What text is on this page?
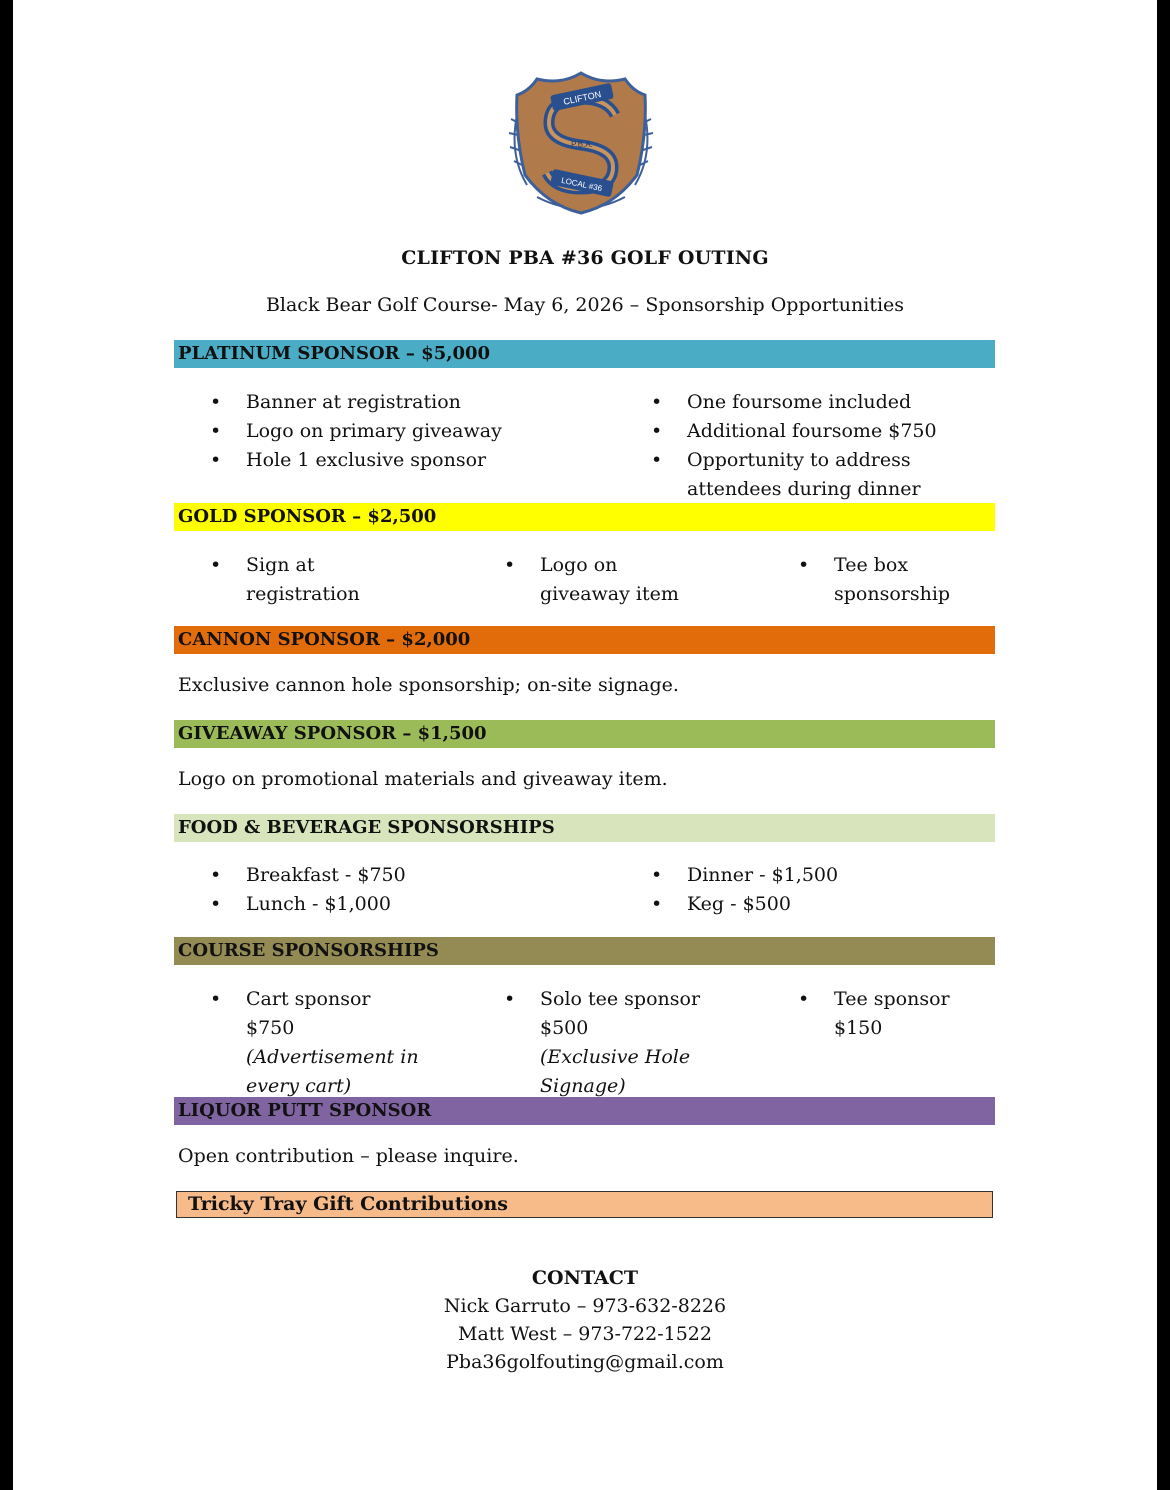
CLIFTON
P.B.A.
LOCAL #36
CLIFTON PBA #36 GOLF OUTING
Black Bear Golf Course- May 6, 2026 – Sponsorship Opportunities
PLATINUM SPONSOR – $5,000
• Banner at registration
• Logo on primary giveaway
• Hole 1 exclusive sponsor
• One foursome included
• Additional foursome $750
• Opportunity to address attendees during dinner
GOLD SPONSOR – $2,500
• Sign at registration
• Logo on giveaway item
• Tee box sponsorship
CANNON SPONSOR – $2,000
Exclusive cannon hole sponsorship; on-site signage.
GIVEAWAY SPONSOR – $1,500
Logo on promotional materials and giveaway item.
FOOD & BEVERAGE SPONSORSHIPS
• Breakfast - $750
• Lunch - $1,000
• Dinner - $1,500
• Keg - $500
COURSE SPONSORSHIPS
• Cart sponsor
$750
(Advertisement in every cart)
• Solo tee sponsor
$500
(Exclusive Hole Signage)
• Tee sponsor
$150
LIQUOR PUTT SPONSOR
Open contribution – please inquire.
Tricky Tray Gift Contributions
CONTACT
Nick Garruto – 973-632-8226
Matt West – 973-722-1522
Pba36golfouting@gmail.com
